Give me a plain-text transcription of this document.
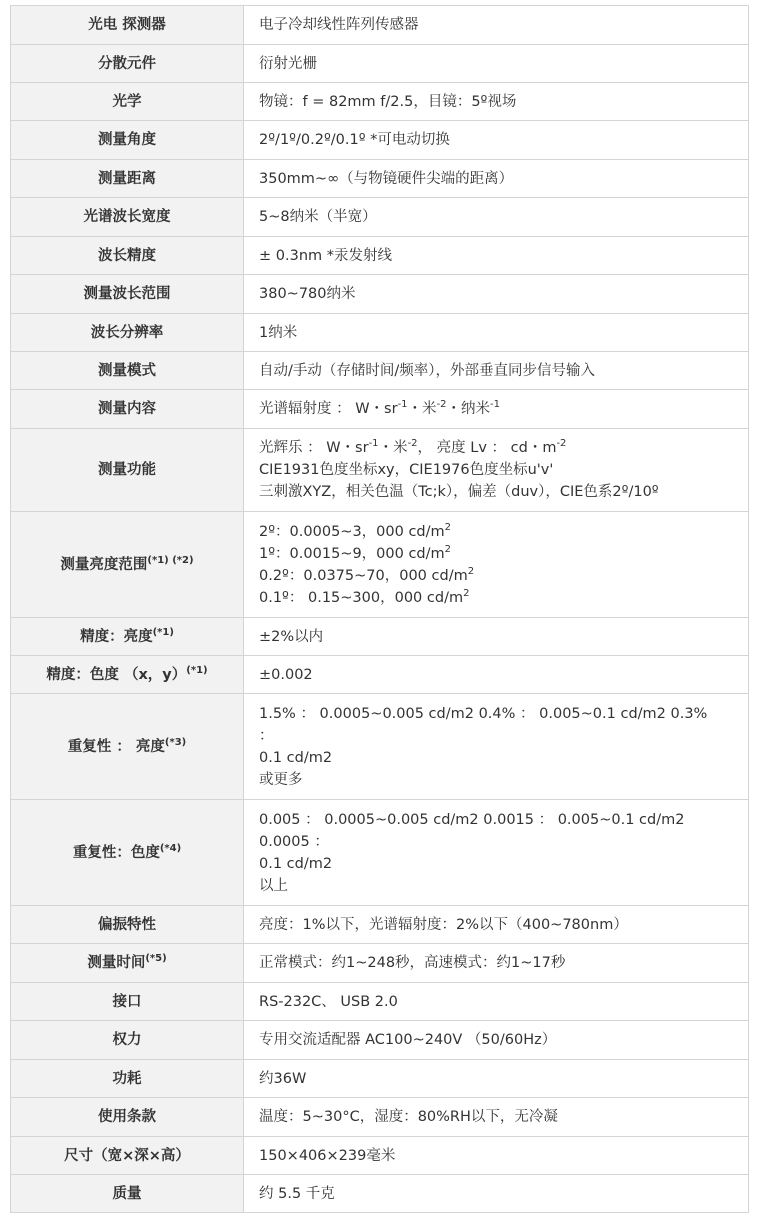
光电 探测器	电子冷却线性阵列传感器
分散元件	衍射光栅
光学	物镜：f = 82mm f/2.5，目镜：5º视场
测量角度	2º/1º/0.2º/0.1º *可电动切换
测量距离	350mm~∞（与物镜硬件尖端的距离）
光谱波长宽度	5~8纳米（半宽）
波长精度	± 0.3nm *汞发射线
测量波长范围	380~780纳米
波长分辨率	1纳米
测量模式	自动/手动（存储时间/频率），外部垂直同步信号输入
测量内容	光谱辐射度 ： W・$sr^{-1}$・米$^{-2}$・纳米$^{-1}$
测量功能	光辉乐 ： W・$sr^{-1}$・米$^{-2}$， 亮度 Lv ： cd・$m^{-2}$
CIE1931色度坐标xy，CIE1976色度坐标u'v'
三刺激XYZ，相关色温（Tc;k），偏差（duv），CIE色系2º/10º

测量亮度范围$^{(*1) (*2)}$	2º：0.0005~3，000 $cd/m^2$
1º：0.0015~9，000 $cd/m^2$
0.2º：0.0375~70，000 $cd/m^2$
0.1º： 0.15~300，000 $cd/m^2$

精度：亮度$^{(*1)}$	±2%以内
精度：色度 （x，y）$^{(*1)}$	±0.002
重复性 ： 亮度$^{(*3)}$	1.5% ： 0.0005~0.005 cd/m2 0.4% ： 0.005~0.1 cd/m2 0.3%
：
0.1 cd/m2
或更多

重复性：色度$^{(*4)}$	0.005 ： 0.0005~0.005 cd/m2 0.0015 ： 0.005~0.1 cd/m2
0.0005 ：
0.1 cd/m2
以上

偏振特性	亮度：1%以下，光谱辐射度：2%以下（400~780nm）
测量时间$^{(*5)}$	正常模式：约1~248秒，高速模式：约1~17秒
接口	RS-232C、 USB 2.0
权力	专用交流适配器 AC100~240V （50/60Hz）
功耗	约36W
使用条款	温度：5~30°C，湿度：80%RH以下，无冷凝
尺寸（宽×深×高）	150×406×239毫米
质量	约 5.5 千克
